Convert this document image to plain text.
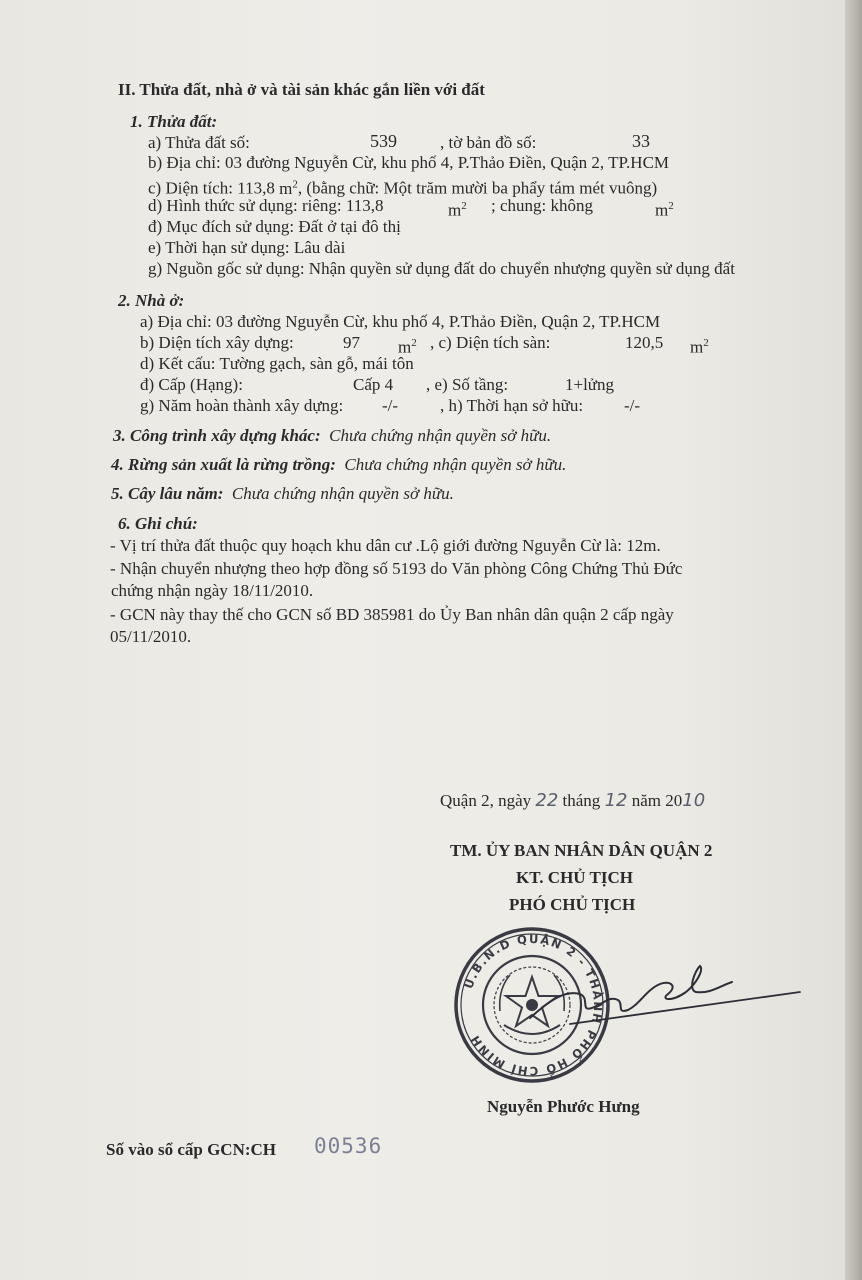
II. Thửa đất, nhà ở và tài sản khác gắn liền với đất
1. Thửa đất:
a) Thửa đất số:	539	, tờ bản đồ số:	33
b) Địa chỉ: 03 đường Nguyễn Cừ, khu phố 4, P.Thảo Điền, Quận 2, TP.HCM
c) Diện tích: 113,8 $m^2$, (bằng chữ: Một trăm mười ba phẩy tám mét vuông)
d) Hình thức sử dụng: riêng: 113,8	$m^2$ ; chung: không	$m^2$
đ) Mục đích sử dụng: Đất ở tại đô thị
e) Thời hạn sử dụng: Lâu dài
g) Nguồn gốc sử dụng: Nhận quyền sử dụng đất do chuyển nhượng quyền sử dụng đất
2. Nhà ở:
a) Địa chỉ: 03 đường Nguyễn Cừ, khu phố 4, P.Thảo Điền, Quận 2, TP.HCM
b) Diện tích xây dựng:	97 $m^2$ , c) Diện tích sàn:	120,5 $m^2$
d) Kết cấu: Tường gạch, sàn gỗ, mái tôn
đ) Cấp (Hạng):	Cấp 4 , e) Số tầng:	1+lửng
g) Năm hoàn thành xây dựng: -/- , h) Thời hạn sở hữu: -/-
3. Công trình xây dựng khác: Chưa chứng nhận quyền sở hữu.
4. Rừng sản xuất là rừng trồng: Chưa chứng nhận quyền sở hữu.
5. Cây lâu năm: Chưa chứng nhận quyền sở hữu.
6. Ghi chú:
- Vị trí thửa đất thuộc quy hoạch khu dân cư .Lộ giới đường Nguyễn Cừ là: 12m.
- Nhận chuyển nhượng theo hợp đồng số 5193 do Văn phòng Công Chứng Thủ Đức
chứng nhận ngày 18/11/2010.
- GCN này thay thế cho GCN số BD 385981 do Ủy Ban nhân dân quận 2 cấp ngày
05/11/2010.
Quận 2, ngày 22 tháng 12 năm 2010
TM. ỦY BAN NHÂN DÂN QUẬN 2
KT. CHỦ TỊCH
PHÓ CHỦ TỊCH
U.B.N.D QUẬN 2 - THÀNH PHỐ HỒ CHÍ MINH
Nguyễn Phước Hưng
Số vào sổ cấp GCN:CH 00536
